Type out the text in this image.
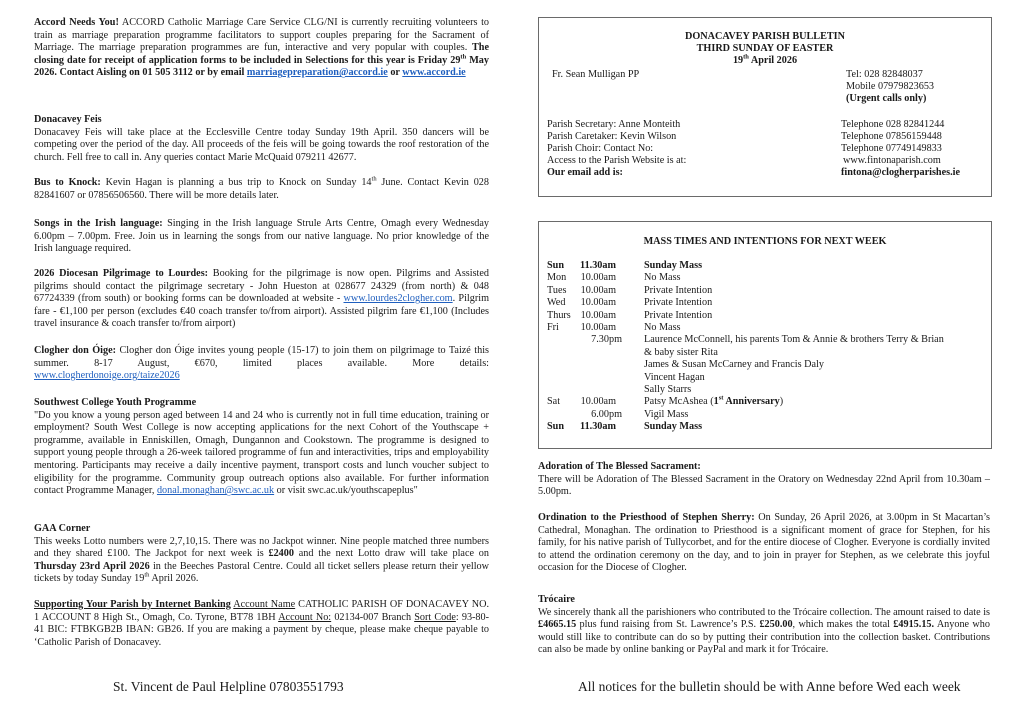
Accord Needs You! ACCORD Catholic Marriage Care Service CLG/NI is currently recruiting volunteers to train as marriage preparation programme facilitators to support couples preparing for the Sacrament of Marriage. The marriage preparation programmes are fun, interactive and very popular with couples. The closing date for receipt of application forms to be included in Selections for this year is Friday 29th May 2026. Contact Aisling on 01 505 3112 or by email marriagepreparation@accord.ie or www.accord.ie

Donacavey Feis

Donacavey Feis will take place at the Ecclesville Centre today Sunday 19th April. 350 dancers will be competing over the period of the day. All proceeds of the feis will be going towards the roof restoration of the church. Fell free to call in. Any queries contact Marie McQuaid 079211 42677.

Bus to Knock: Kevin Hagan is planning a bus trip to Knock on Sunday 14th June. Contact Kevin 028 82841607 or 07856506560. There will be more details later.

Songs in the Irish language: Singing in the Irish language Strule Arts Centre, Omagh every Wednesday 6.00pm – 7.00pm. Free. Join us in learning the songs from our native language. No prior knowledge of the Irish language required.

2026 Diocesan Pilgrimage to Lourdes: Booking for the pilgrimage is now open. Pilgrims and Assisted pilgrims should contact the pilgrimage secretary - John Hueston at 028677 24329 (from north) & 048 67724339 (from south) or booking forms can be downloaded at website - www.lourdes2clogher.com. Pilgrim fare - €1,100 per person (excludes €40 coach transfer to/from airport). Assisted pilgrim fare €1,100 (Includes travel insurance & coach transfer to/from airport)

Clogher don Óige: Clogher don Óige invites young people (15-17) to join them on pilgrimage to Taizé this summer. 8-17 August, €670, limited places available. More details:

www.clogherdonoige.org/taize2026

Southwest College Youth Programme

"Do you know a young person aged between 14 and 24 who is currently not in full time education, training or employment? South West College is now accepting applications for the next Cohort of the Youthscape + programme, available in Enniskillen, Omagh, Dungannon and Cookstown. The programme is designed to support young people through a 26-week tailored programme of fun and interactivities, trips and employability mentoring. Participants may receive a daily incentive payment, transport costs and lunch voucher subject to eligibility for the programme. Community group outreach options also available. For further information contact Programme Manager, donal.monaghan@swc.ac.uk or visit swc.ac.uk/youthscapeplus"

GAA Corner

This weeks Lotto numbers were 2,7,10,15. There was no Jackpot winner. Nine people matched three numbers and they shared £100. The Jackpot for next week is £2400 and the next Lotto draw will take place on Thursday 23rd April 2026 in the Beeches Pastoral Centre. Could all ticket sellers please return their yellow tickets by today Sunday 19th April 2026.

Supporting Your Parish by Internet Banking Account Name CATHOLIC PARISH OF DONACAVEY NO. 1 ACCOUNT 8 High St., Omagh, Co. Tyrone, BT78 1BH Account No: 02134-007 Branch Sort Code: 93-80-41 BIC: FTBKGB2B IBAN: GB26. If you are making a payment by cheque, please make cheque payable to ‘Catholic Parish of Donacavey.

DONACAVEY PARISH BULLETIN
THIRD SUNDAY OF EASTER
19th April 2026
Fr. Sean Mulligan PP	Tel: 028 82848037
Mobile 07979823653
(Urgent calls only)
Parish Secretary: Anne Monteith	Telephone 028 82841244
Parish Caretaker: Kevin Wilson	Telephone 07856159448
Parish Choir: Contact No:	Telephone 07749149833
Access to the Parish Website is at:	www.fintonaparish.com
Our email add is:	fintona@clogherparishes.ie
MASS TIMES AND INTENTIONS FOR NEXT WEEK
Sun	11.30am	Sunday Mass
Mon	10.00am	No Mass
Tues	10.00am	Private Intention
Wed	10.00am	Private Intention
Thurs 10.00am	Private Intention
Fri	10.00am	No Mass
7.30pm Laurence McConnell, his parents Tom & Annie & brothers Terry & Brian
& baby sister Rita
James & Susan McCarney and Francis Daly
Vincent Hagan
Sally Starrs
Sat	10.00am	Patsy McAshea (1st Anniversary)
6.00pm Vigil Mass
Sun	11.30am	Sunday Mass

Adoration of The Blessed Sacrament:

There will be Adoration of The Blessed Sacrament in the Oratory on Wednesday 22nd April from 10.30am – 5.00pm.

Ordination to the Priesthood of Stephen Sherry: On Sunday, 26 April 2026, at 3.00pm in St Macartan’s Cathedral, Monaghan. The ordination to Priesthood is a significant moment of grace for Stephen, for his family, for his native parish of Tullycorbet, and for the entire diocese of Clogher. Everyone is cordially invited to attend the ordination ceremony on the day, and to join in prayer for Stephen, as we celebrate this joyful occasion for the Diocese of Clogher.

Trócaire

We sincerely thank all the parishioners who contributed to the Trócaire collection. The amount raised to date is £4665.15 plus fund raising from St. Lawrence’s P.S. £250.00, which makes the total £4915.15. Anyone who would still like to contribute can do so by putting their contribution into the collection basket. Contributions can also be made by online banking or PayPal and mark it for Trócaire.

St. Vincent de Paul Helpline 07803551793	All notices for the bulletin should be with Anne before Wed each week
